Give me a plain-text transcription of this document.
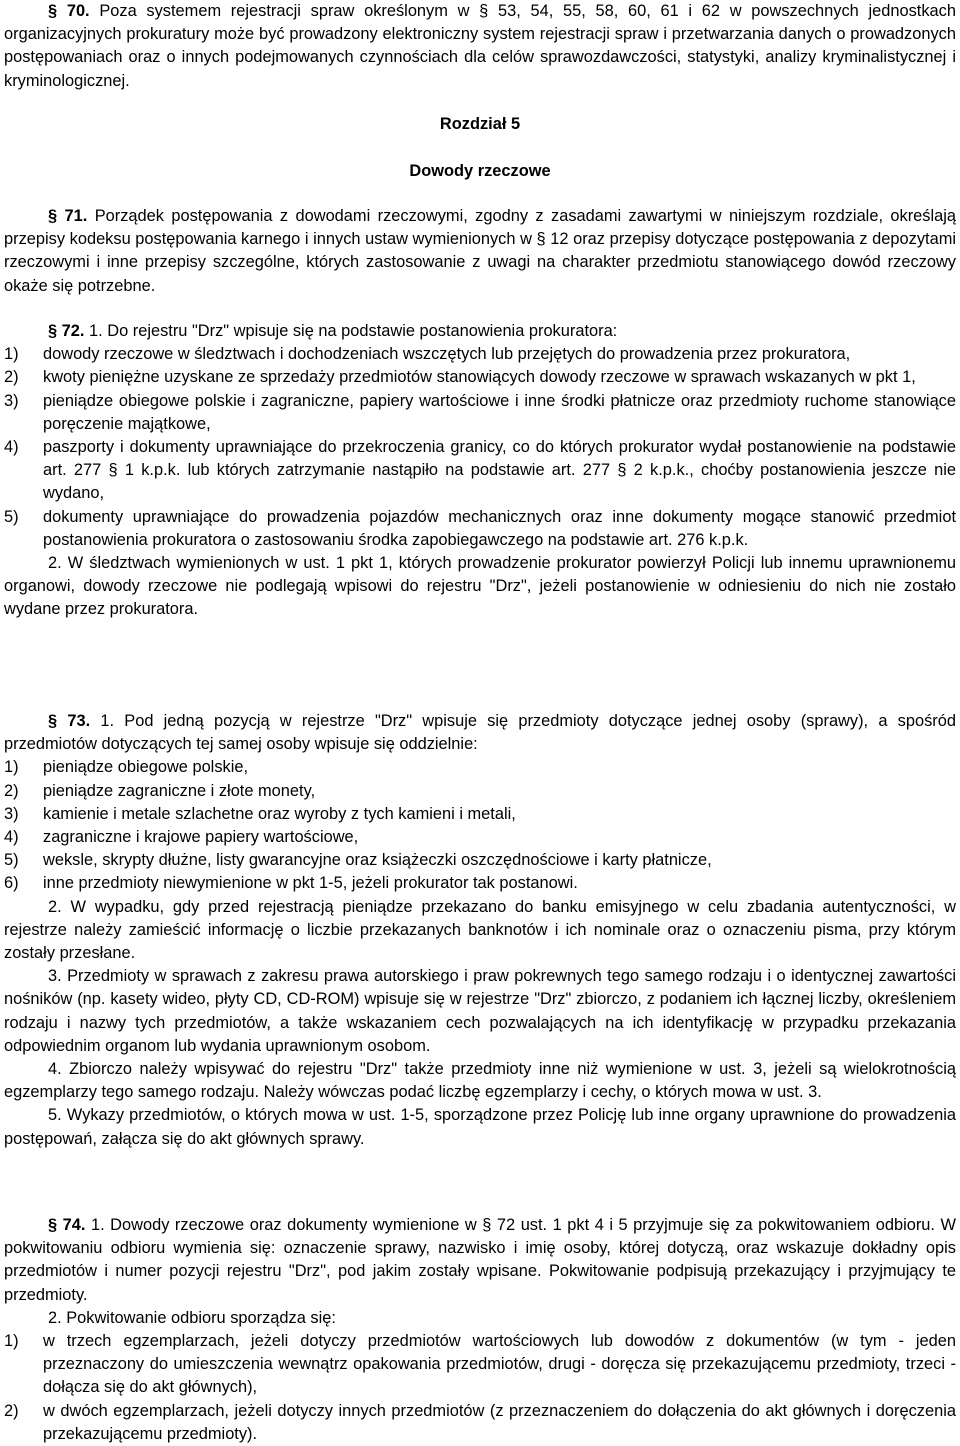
§ 70. Poza systemem rejestracji spraw określonym w § 53, 54, 55, 58, 60, 61 i 62 w powszechnych jednostkach organizacyjnych prokuratury może być prowadzony elektroniczny system rejestracji spraw i przetwarzania danych o prowadzonych postępowaniach oraz o innych podejmowanych czynnościach dla celów sprawozdawczości, statystyki, analizy kryminalistycznej i kryminologicznej.

Rozdział 5

Dowody rzeczowe

§ 71. Porządek postępowania z dowodami rzeczowymi, zgodny z zasadami zawartymi w niniejszym rozdziale, określają przepisy kodeksu postępowania karnego i innych ustaw wymienionych w § 12 oraz przepisy dotyczące postępowania z depozytami rzeczowymi i inne przepisy szczególne, których zastosowanie z uwagi na charakter przedmiotu stanowiącego dowód rzeczowy okaże się potrzebne.

§ 72. 1. Do rejestru "Drz" wpisuje się na podstawie postanowienia prokuratora:

1)	dowody rzeczowe w śledztwach i dochodzeniach wszczętych lub przejętych do prowadzenia przez prokuratora,
2)	kwoty pieniężne uzyskane ze sprzedaży przedmiotów stanowiących dowody rzeczowe w sprawach wskazanych w pkt 1,
3)	pieniądze obiegowe polskie i zagraniczne, papiery wartościowe i inne środki płatnicze oraz przedmioty ruchome stanowiące poręczenie majątkowe,
4)	paszporty i dokumenty uprawniające do przekroczenia granicy, co do których prokurator wydał postanowienie na podstawie art. 277 § 1 k.p.k. lub których zatrzymanie nastąpiło na podstawie art. 277 § 2 k.p.k., choćby postanowienia jeszcze nie wydano,
5)	dokumenty uprawniające do prowadzenia pojazdów mechanicznych oraz inne dokumenty mogące stanowić przedmiot postanowienia prokuratora o zastosowaniu środka zapobiegawczego na podstawie art. 276 k.p.k.

2. W śledztwach wymienionych w ust. 1 pkt 1, których prowadzenie prokurator powierzył Policji lub innemu uprawnionemu organowi, dowody rzeczowe nie podlegają wpisowi do rejestru "Drz", jeżeli postanowienie w odniesieniu do nich nie zostało wydane przez prokuratora.

§ 73. 1. Pod jedną pozycją w rejestrze "Drz" wpisuje się przedmioty dotyczące jednej osoby (sprawy), a spośród przedmiotów dotyczących tej samej osoby wpisuje się oddzielnie:

1)	pieniądze obiegowe polskie,
2)	pieniądze zagraniczne i złote monety,
3)	kamienie i metale szlachetne oraz wyroby z tych kamieni i metali,
4)	zagraniczne i krajowe papiery wartościowe,
5)	weksle, skrypty dłużne, listy gwarancyjne oraz książeczki oszczędnościowe i karty płatnicze,
6)	inne przedmioty niewymienione w pkt 1-5, jeżeli prokurator tak postanowi.

2. W wypadku, gdy przed rejestracją pieniądze przekazano do banku emisyjnego w celu zbadania autentyczności, w rejestrze należy zamieścić informację o liczbie przekazanych banknotów i ich nominale oraz o oznaczeniu pisma, przy którym zostały przesłane.

3. Przedmioty w sprawach z zakresu prawa autorskiego i praw pokrewnych tego samego rodzaju i o identycznej zawartości nośników (np. kasety wideo, płyty CD, CD-ROM) wpisuje się w rejestrze "Drz" zbiorczo, z podaniem ich łącznej liczby, określeniem rodzaju i nazwy tych przedmiotów, a także wskazaniem cech pozwalających na ich identyfikację w przypadku przekazania odpowiednim organom lub wydania uprawnionym osobom.

4. Zbiorczo należy wpisywać do rejestru "Drz" także przedmioty inne niż wymienione w ust. 3, jeżeli są wielokrotnością egzemplarzy tego samego rodzaju. Należy wówczas podać liczbę egzemplarzy i cechy, o których mowa w ust. 3.

5. Wykazy przedmiotów, o których mowa w ust. 1-5, sporządzone przez Policję lub inne organy uprawnione do prowadzenia postępowań, załącza się do akt głównych sprawy.

§ 74. 1. Dowody rzeczowe oraz dokumenty wymienione w § 72 ust. 1 pkt 4 i 5 przyjmuje się za pokwitowaniem odbioru. W pokwitowaniu odbioru wymienia się: oznaczenie sprawy, nazwisko i imię osoby, której dotyczą, oraz wskazuje dokładny opis przedmiotów i numer pozycji rejestru "Drz", pod jakim zostały wpisane. Pokwitowanie podpisują przekazujący i przyjmujący te przedmioty.

2. Pokwitowanie odbioru sporządza się:

1)	w trzech egzemplarzach, jeżeli dotyczy przedmiotów wartościowych lub dowodów z dokumentów (w tym - jeden przeznaczony do umieszczenia wewnątrz opakowania przedmiotów, drugi - doręcza się przekazującemu przedmioty, trzeci - dołącza się do akt głównych),
2)	w dwóch egzemplarzach, jeżeli dotyczy innych przedmiotów (z przeznaczeniem do dołączenia do akt głównych i doręczenia przekazującemu przedmioty).
